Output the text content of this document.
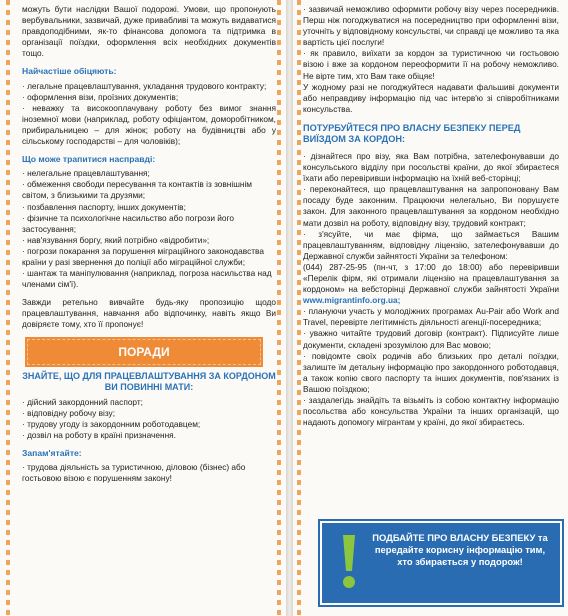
можуть бути наслідки Вашої подорожі. Умови, що пропонують вербувальники, зазвичай, дуже привабливі та можуть видаватися правдоподібними, як-то фінансова допомога та підтримка в організації поїздки, оформлення всіх необхідних документів тощо.

Найчастіше обіцяють:
· легальне працевлаштування, укладання трудового контракту;
· оформлення візи, проїзних документів;
· неважку та високооплачувану роботу без вимог знання іноземної мови (наприклад, роботу офіціантом, доморобітником, прибиральницею – для жінок; роботу на будівництві або у сільському господарстві – для чоловіків);
Що може трапитися насправді:
· нелегальне працевлаштування;
· обмеження свободи пересування та контактів із зовнішнім світом, з близькими та друзями;
· позбавлення паспорту, інших документів;
· фізичне та психологічне насильство або погрози його застосування;
· нав'язування боргу, який потрібно «відробити»;
· погрози покарання за порушення міграційного законодавства країни у разі звернення до поліції або міграційної служби;
· шантаж та маніпулювання (наприклад, погроза насильства над членами сім'ї).

Завжди ретельно вивчайте будь-яку пропозицію щодо працевлаштування, навчання або відпочинку, навіть якщо Ви довіряєте тому, хто її пропонує!

ПОРАДИ
ЗНАЙТЕ, ЩО ДЛЯ ПРАЦЕВЛАШТУВАННЯ ЗА КОРДОНОМ ВИ ПОВИННІ МАТИ:
· дійсний закордонний паспорт;
· відповідну робочу візу;
· трудову угоду із закордонним роботодавцем;
· дозвіл на роботу в країні призначення.
Запам'ятайте:

· трудова діяльність за туристичною, діловою (бізнес) або гостьовою візою є порушенням закону!

· зазвичай неможливо оформити робочу візу через посередників. Перш ніж погоджуватися на посередництво при оформленні візи, уточніть у відповідному консульстві, чи справді це можливо та яка вартість цієї послуги!

· як правило, виїхати за кордон за туристичною чи гостьовою візою і вже за кордоном переоформити її на робочу неможливо. Не вірте тим, хто Вам таке обіцяє!

У жодному разі не погоджуйтеся надавати фальшиві документи або неправдиву інформацію під час інтерв'ю зі співробітниками консульства.

ПОТУРБУЙТЕСЯ ПРО ВЛАСНУ БЕЗПЕКУ ПЕРЕД ВИЇЗДОМ ЗА КОРДОН:
· дізнайтеся про візу, яка Вам потрібна, зателефонувавши до консульського відділу при посольстві країни, до якої збираєтеся їхати або перевіривши інформацію на їхній веб-сторінці;
· переконайтеся, що працевлаштування на запропоновану Вам посаду буде законним. Працюючи нелегально, Ви порушуєте закон. Для законного працевлаштування за кордоном необхідно мати дозвіл на роботу, відповідну візу, трудовий контракт;
· з'ясуйте, чи має фірма, що займається Вашим працевлаштуванням, відповідну ліцензію, зателефонувавши до Державної служби зайнятості України за телефоном:
(044) 287-25-95 (пн-чт, з 17:00 до 18:00) або перевіривши «Перелік фірм, які отримали ліцензію на працевлаштування за кордоном» на вебсторінці Державної служби зайнятості України www.migrantinfo.org.ua;
· плануючи участь у молодіжних програмах Au-Pair або Work and Travel, перевірте легітимність діяльності агенції-посередника;
· уважно читайте трудовий договір (контракт). Підписуйте лише документи, складені зрозумілою для Вас мовою;
· повідомте своїх родичів або близьких про деталі поїздки, залиште їм детальну інформацію про закордонного роботодавця, а також копію свого паспорту та інших документів, пов'язаних із Вашою поїздкою;
· заздалегідь знайдіть та візьміть із собою контактну інформацію посольства або консульства України та інших організацій, що надають допомогу мігрантам у країні, до якої збираєтесь.
ПОДБАЙТЕ ПРО ВЛАСНУ БЕЗПЕКУ та передайте корисну інформацію тим, хто збирається у подорож!
